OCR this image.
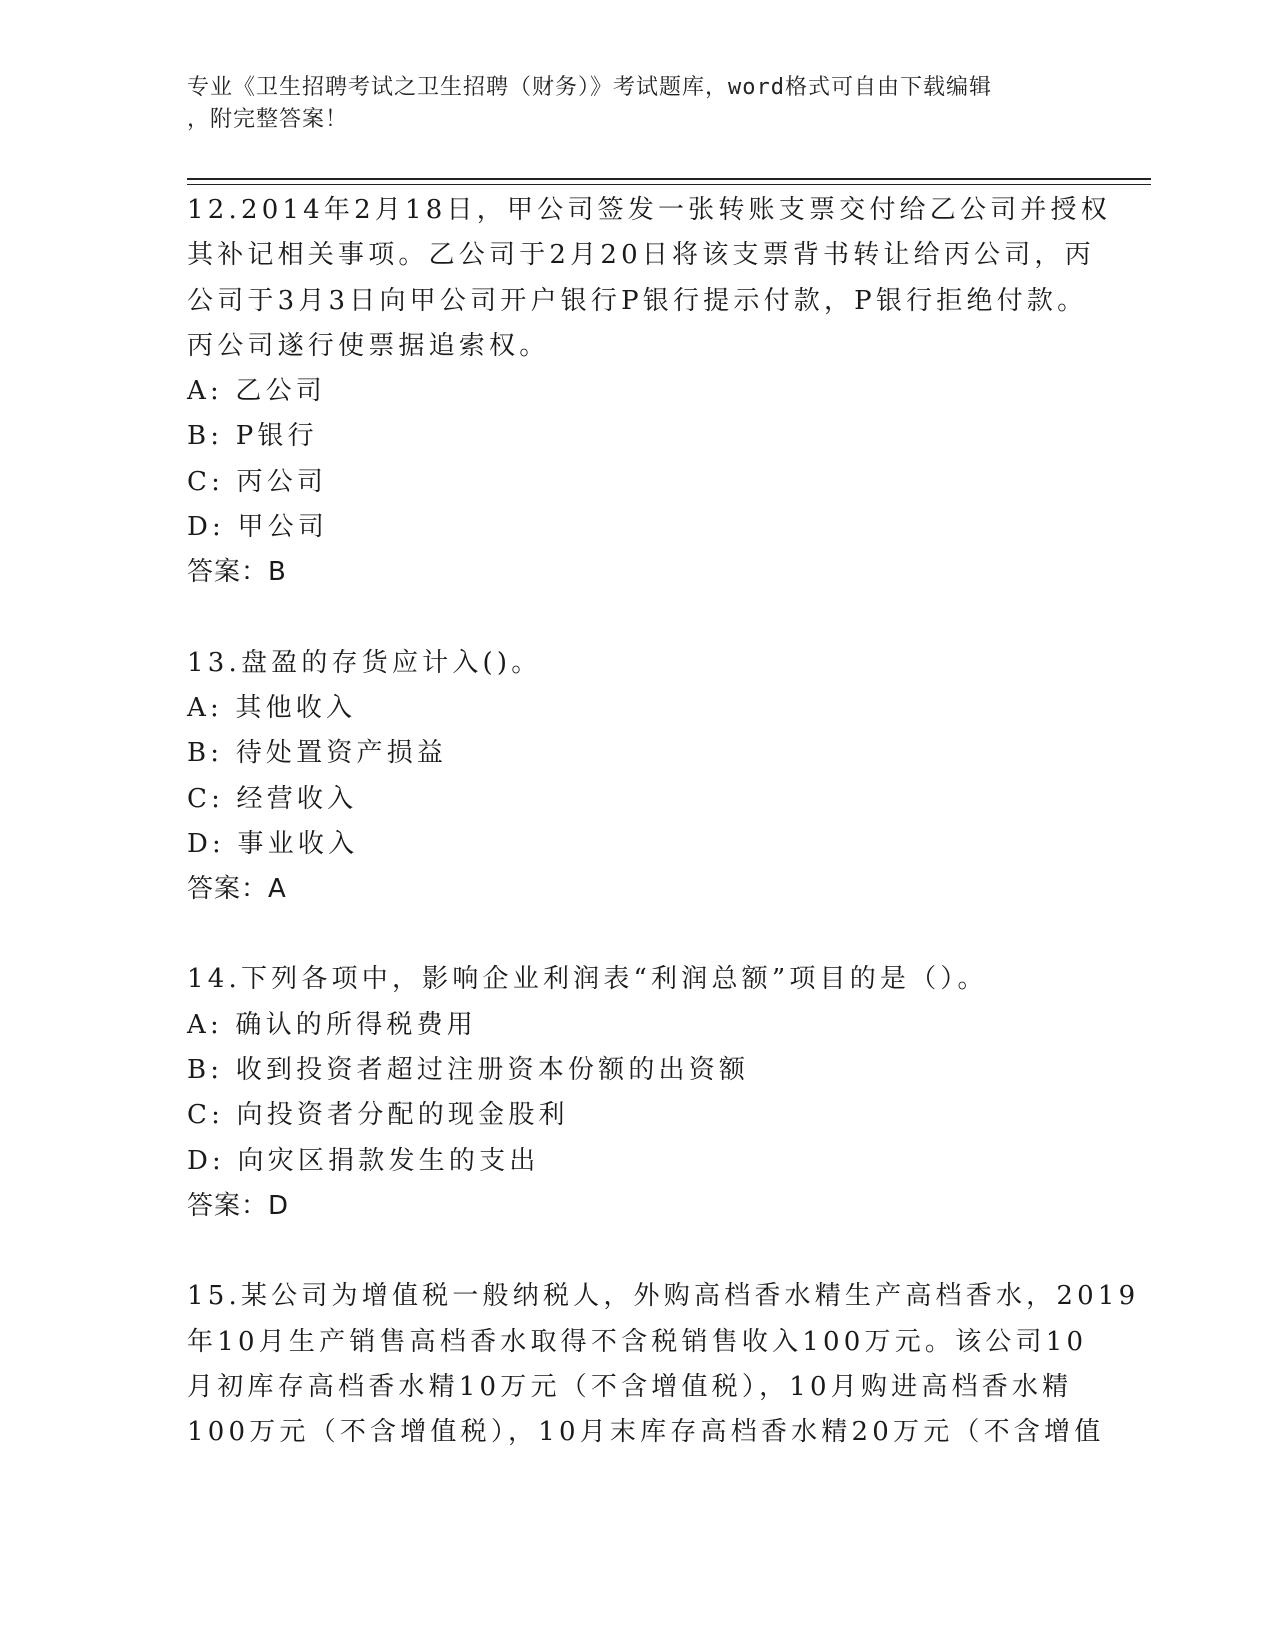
专业《卫生招聘考试之卫生招聘（财务）》考试题库，word格式可自由下载编辑
，附完整答案！
12.2014年2月18日，甲公司签发一张转账支票交付给乙公司并授权
其补记相关事项。乙公司于2月20日将该支票背书转让给丙公司，丙
公司于3月3日向甲公司开户银行P银行提示付款，P银行拒绝付款。
丙公司遂行使票据追索权。
A: 乙公司
B: P银行
C: 丙公司
D: 甲公司
答案：B
13.盘盈的存货应计入()。
A: 其他收入
B: 待处置资产损益
C: 经营收入
D: 事业收入
答案：A
14.下列各项中，影响企业利润表“利润总额”项目的是（）。
A: 确认的所得税费用
B: 收到投资者超过注册资本份额的出资额
C: 向投资者分配的现金股利
D: 向灾区捐款发生的支出
答案：D
15.某公司为增值税一般纳税人，外购高档香水精生产高档香水，2019
年10月生产销售高档香水取得不含税销售收入100万元。该公司10
月初库存高档香水精10万元（不含增值税），10月购进高档香水精
100万元（不含增值税），10月末库存高档香水精20万元（不含增值
